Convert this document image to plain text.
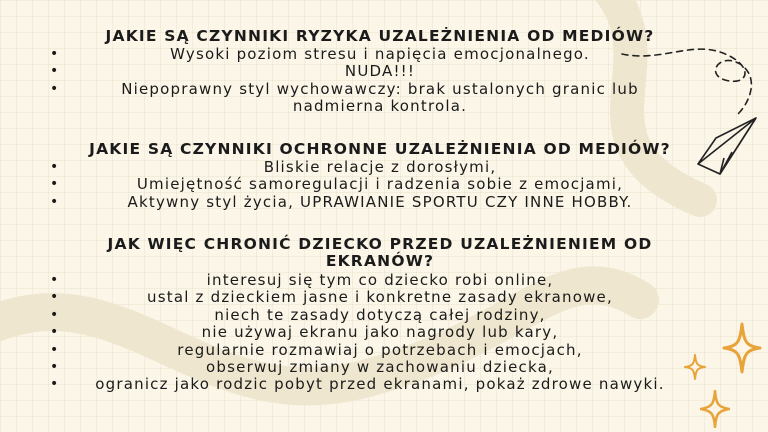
JAKIE SĄ CZYNNIKI RYZYKA UZALEŻNIENIA OD MEDIÓW?
• Wysoki poziom stresu i napięcia emocjonalnego.
• NUDA!!!
• Niepoprawny styl wychowawczy: brak ustalonych granic lub nadmierna kontrola.
JAKIE SĄ CZYNNIKI OCHRONNE UZALEŻNIENIA OD MEDIÓW?
• Bliskie relacje z dorosłymi,
• Umiejętność samoregulacji i radzenia sobie z emocjami,
• Aktywny styl życia, UPRAWIANIE SPORTU CZY INNE HOBBY.
JAK WIĘC CHRONIĆ DZIECKO PRZED UZALEŻNIENIEM OD EKRANÓW?
• interesuj się tym co dziecko robi online,
• ustal z dzieckiem jasne i konkretne zasady ekranowe,
• niech te zasady dotyczą całej rodziny,
• nie używaj ekranu jako nagrody lub kary,
• regularnie rozmawiaj o potrzebach i emocjach,
• obserwuj zmiany w zachowaniu dziecka,
• ogranicz jako rodzic pobyt przed ekranami, pokaż zdrowe nawyki.
